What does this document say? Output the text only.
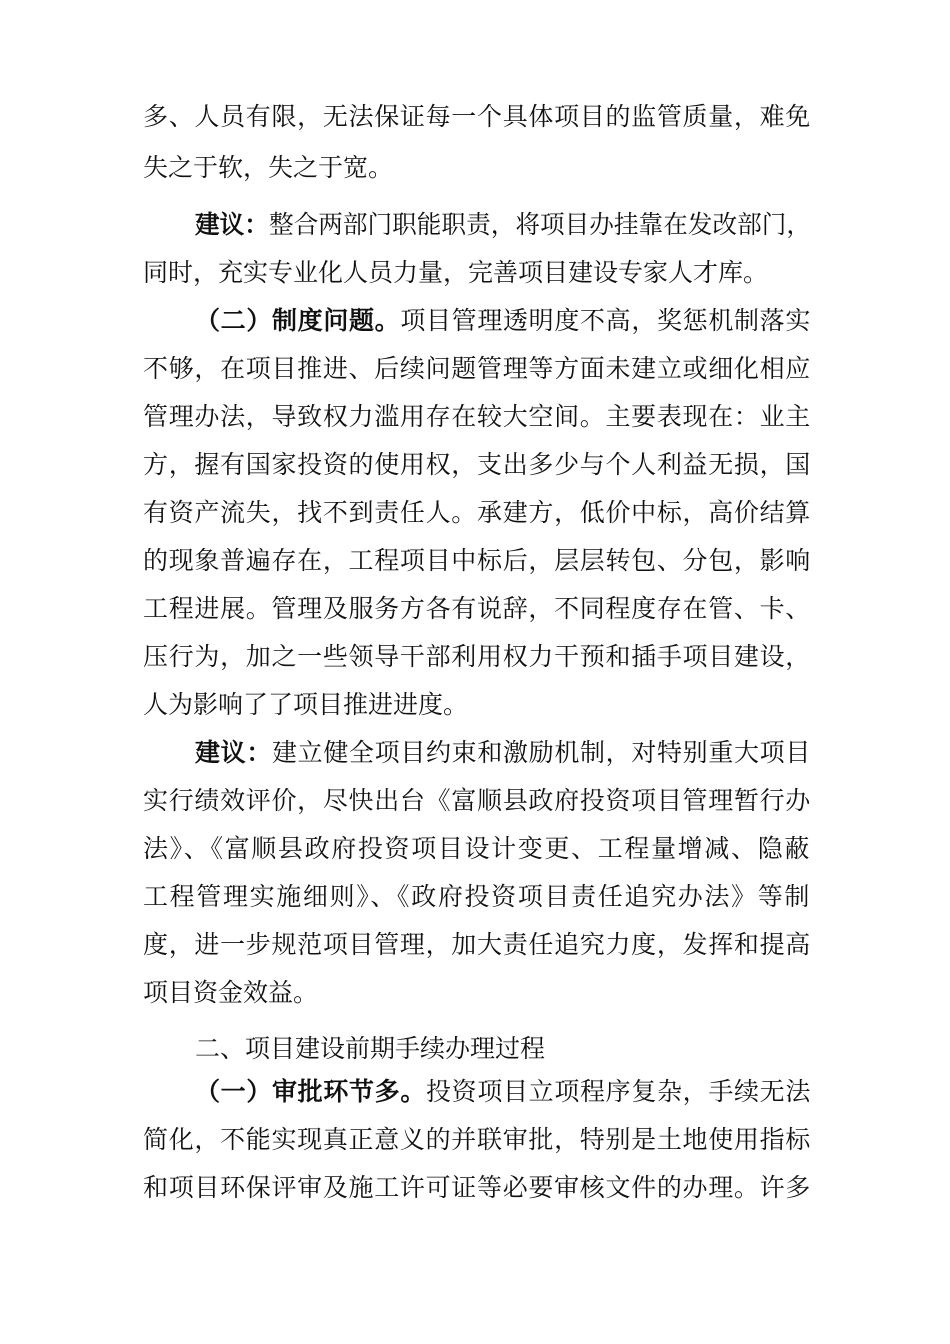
多、人员有限，无法保证每一个具体项目的监管质量，难免
失之于软，失之于宽。
建议：整合两部门职能职责，将项目办挂靠在发改部门，
同时，充实专业化人员力量，完善项目建设专家人才库。
（二）制度问题。项目管理透明度不高，奖惩机制落实
不够，在项目推进、后续问题管理等方面未建立或细化相应
管理办法，导致权力滥用存在较大空间。主要表现在：业主
方，握有国家投资的使用权，支出多少与个人利益无损，国
有资产流失，找不到责任人。承建方，低价中标，高价结算
的现象普遍存在，工程项目中标后，层层转包、分包，影响
工程进展。管理及服务方各有说辞，不同程度存在管、卡、
压行为，加之一些领导干部利用权力干预和插手项目建设，
人为影响了了项目推进进度。
建议：建立健全项目约束和激励机制，对特别重大项目
实行绩效评价，尽快出台《富顺县政府投资项目管理暂行办
法》、《富顺县政府投资项目设计变更、工程量增减、隐蔽
工程管理实施细则》、《政府投资项目责任追究办法》等制
度，进一步规范项目管理，加大责任追究力度，发挥和提高
项目资金效益。
二、项目建设前期手续办理过程
（一）审批环节多。投资项目立项程序复杂，手续无法
简化，不能实现真正意义的并联审批，特别是土地使用指标
和项目环保评审及施工许可证等必要审核文件的办理。许多
